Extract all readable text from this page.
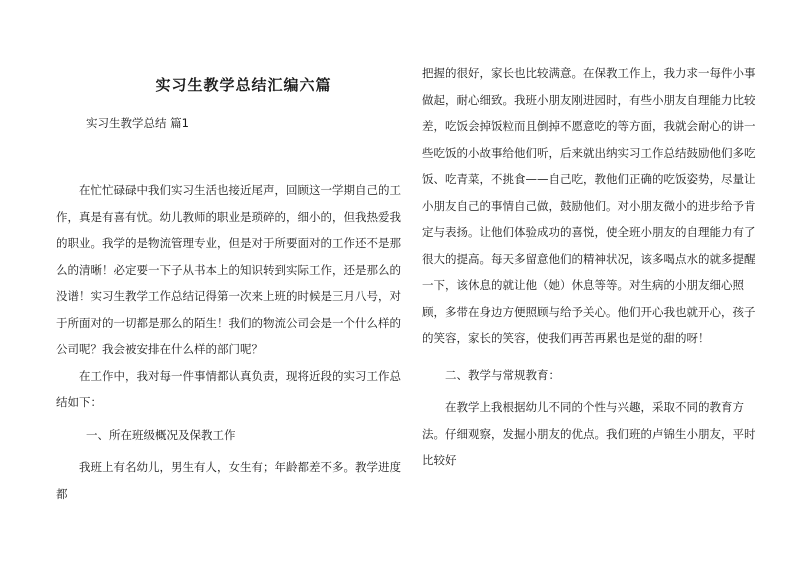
实习生教学总结汇编六篇
实习生教学总结 篇1

在忙忙碌碌中我们实习生活也接近尾声，回顾这一学期自己的工作，真是有喜有忧。幼儿教师的职业是琐碎的，细小的，但我热爱我的职业。我学的是物流管理专业，但是对于所要面对的工作还不是那么的清晰！必定要一下子从书本上的知识转到实际工作，还是那么的没谱！实习生教学工作总结记得第一次来上班的时候是三月八号，对于所面对的一切都是那么的陌生！我们的物流公司会是一个什么样的公司呢？我会被安排在什么样的部门呢？

在工作中，我对每一件事情都认真负责，现将近段的实习工作总结如下：

一、所在班级概况及保教工作

我班上有名幼儿，男生有人，女生有；年龄都差不多。教学进度都

把握的很好，家长也比较满意。在保教工作上，我力求一每件小事做起，耐心细致。我班小朋友刚进园时，有些小朋友自理能力比较差，吃饭会掉饭粒而且倒掉不愿意吃的等方面，我就会耐心的讲一些吃饭的小故事给他们听，后来就出纳实习工作总结鼓励他们多吃饭、吃青菜，不挑食——自己吃，教他们正确的吃饭姿势，尽量让小朋友自己的事情自己做，鼓励他们。对小朋友微小的进步给予肯定与表扬。让他们体验成功的喜悦，使全班小朋友的自理能力有了很大的提高。每天多留意他们的精神状况，该多喝点水的就多提醒一下，该休息的就让他（她）休息等等。对生病的小朋友细心照顾，多带在身边方便照顾与给予关心。他们开心我也就开心，孩子的笑容，家长的笑容，使我们再苦再累也是觉的甜的呀！

二、教学与常规教育：

在教学上我根据幼儿不同的个性与兴趣，采取不同的教育方法。仔细观察，发掘小朋友的优点。我们班的卢锦生小朋友，平时比较好
